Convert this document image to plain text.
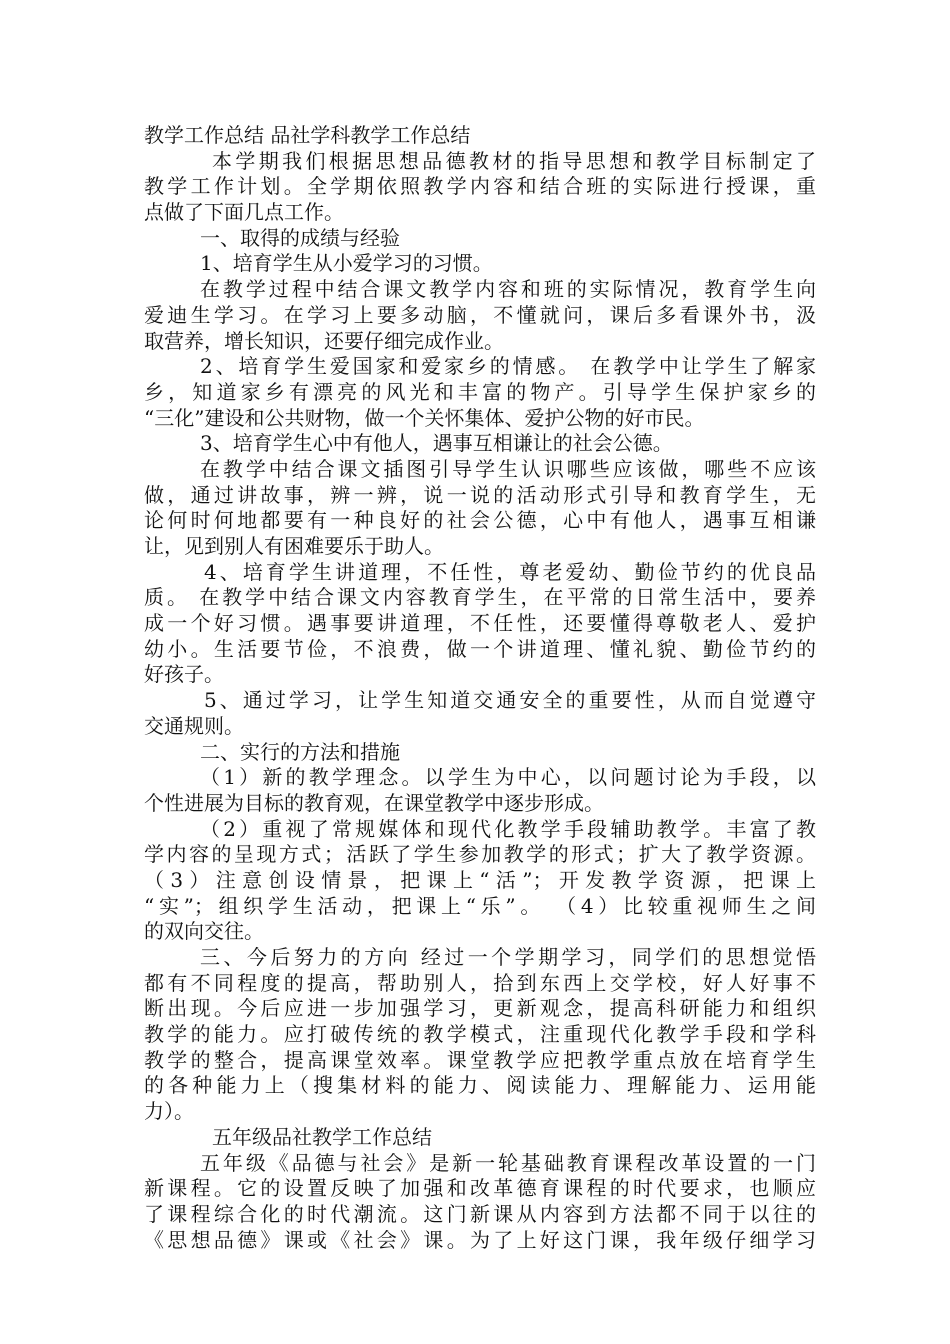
教学工作总结 品社学科教学工作总结
本学期我们根据思想品德教材的指导思想和教学目标制定了
教学工作计划。全学期依照教学内容和结合班的实际进行授课，重
点做了下面几点工作。
一、取得的成绩与经验
1、培育学生从小爱学习的习惯。
在教学过程中结合课文教学内容和班的实际情况，教育学生向
爱迪生学习。在学习上要多动脑，不懂就问，课后多看课外书，汲
取营养，增长知识，还要仔细完成作业。
2、培育学生爱国家和爱家乡的情感。 在教学中让学生了解家
乡，知道家乡有漂亮的风光和丰富的物产。引导学生保护家乡的
“三化”建设和公共财物，做一个关怀集体、爱护公物的好市民。
3、培育学生心中有他人，遇事互相谦让的社会公德。
在教学中结合课文插图引导学生认识哪些应该做，哪些不应该
做，通过讲故事，辨一辨，说一说的活动形式引导和教育学生，无
论何时何地都要有一种良好的社会公德，心中有他人，遇事互相谦
让，见到别人有困难要乐于助人。
4、培育学生讲道理，不任性，尊老爱幼、勤俭节约的优良品
质。 在教学中结合课文内容教育学生，在平常的日常生活中，要养
成一个好习惯。遇事要讲道理，不任性，还要懂得尊敬老人、爱护
幼小。生活要节俭，不浪费，做一个讲道理、懂礼貌、勤俭节约的
好孩子。
5、通过学习，让学生知道交通安全的重要性，从而自觉遵守
交通规则。
二、实行的方法和措施
（1）新的教学理念。以学生为中心，以问题讨论为手段，以
个性进展为目标的教育观，在课堂教学中逐步形成。
（2）重视了常规媒体和现代化教学手段辅助教学。丰富了教
学内容的呈现方式；活跃了学生参加教学的形式；扩大了教学资源。
（3）注意创设情景，把课上“活”；开发教学资源，把课上
“实”；组织学生活动，把课上“乐”。 （4）比较重视师生之间
的双向交往。
三、今后努力的方向 经过一个学期学习，同学们的思想觉悟
都有不同程度的提高，帮助别人，拾到东西上交学校，好人好事不
断出现。今后应进一步加强学习，更新观念，提高科研能力和组织
教学的能力。应打破传统的教学模式，注重现代化教学手段和学科
教学的整合，提高课堂效率。课堂教学应把教学重点放在培育学生
的各种能力上（搜集材料的能力、阅读能力、理解能力、运用能
力）。
五年级品社教学工作总结
五年级《品德与社会》是新一轮基础教育课程改革设置的一门
新课程。它的设置反映了加强和改革德育课程的时代要求，也顺应
了课程综合化的时代潮流。这门新课从内容到方法都不同于以往的
《思想品德》课或《社会》课。为了上好这门课，我年级仔细学习
